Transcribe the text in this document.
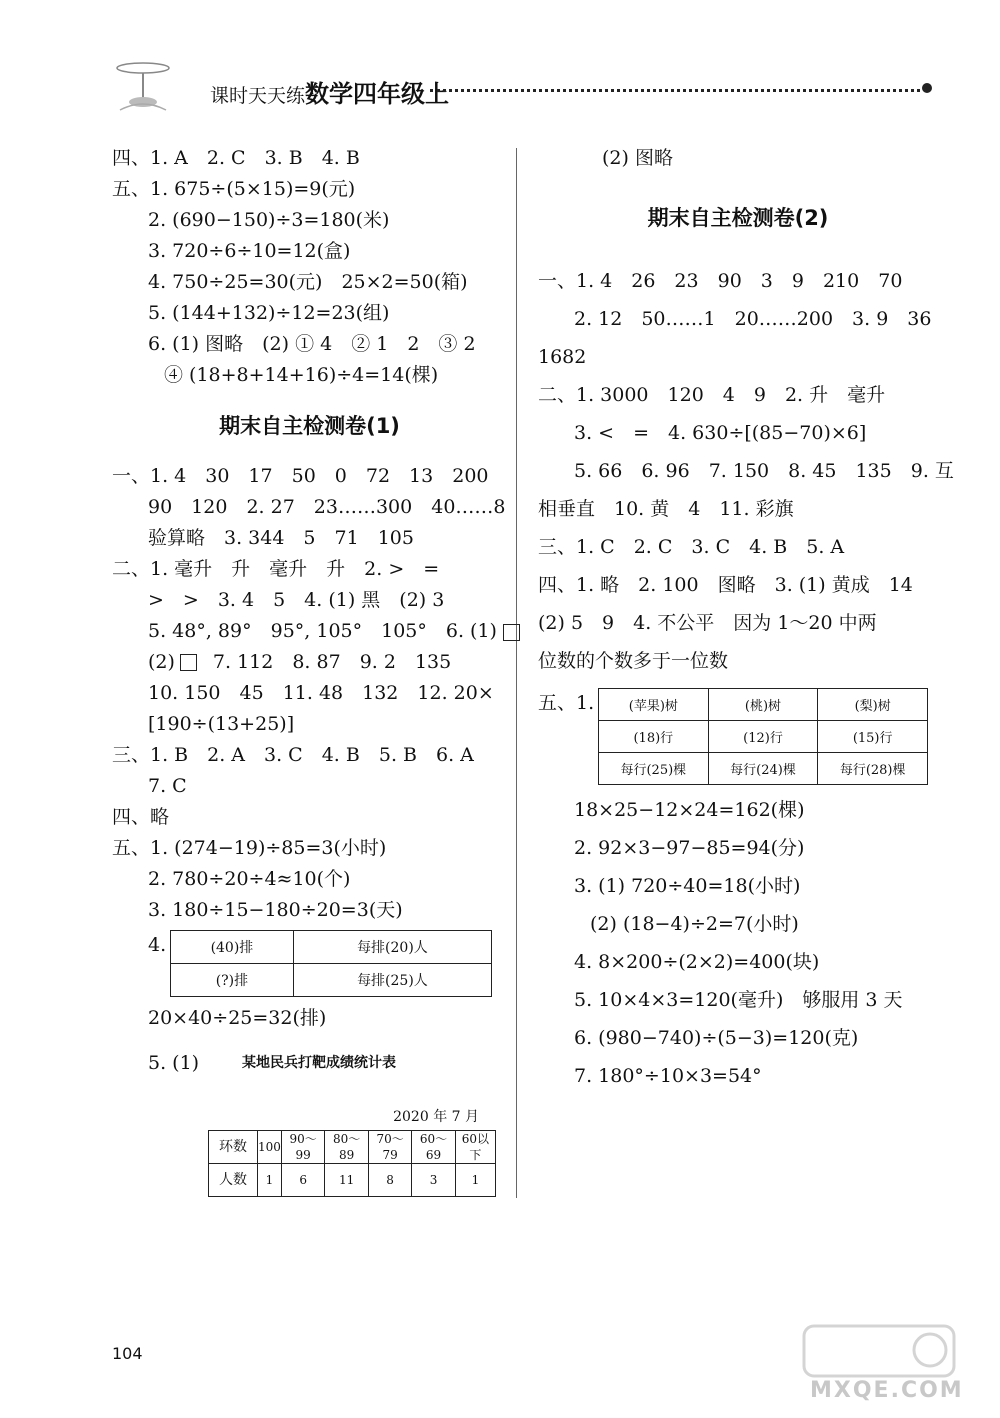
课时天天练数学四年级上
四、1. A　2. C　3. B　4. B
五、1. 675÷(5×15)=9(元)
2. (690−150)÷3=180(米)
3. 720÷6÷10=12(盒)
4. 750÷25=30(元)　25×2=50(箱)
5. (144+132)÷12=23(组)
6. (1) 图略　(2) ① 4　② 1　2　③ 2
④ (18+8+14+16)÷4=14(棵)
期末自主检测卷(1)
一、1. 4　30　17　50　0　72　13　200
90　120　2. 27　23……300　40……8
验算略　3. 344　5　71　105
二、1. 毫升　升　毫升　升　2. >　=
>　>　3. 4　5　4. (1) 黑　(2) 3
5. 48°, 89°　95°, 105°　105°　6. (1)
(2)　　7. 112　8. 87　9. 2　135
10. 150　45　11. 48　132　12. 20×
[190÷(13+25)]
三、1. B　2. A　3. C　4. B　5. B　6. A
7. C
四、略
五、1. (274−19)÷85=3(小时)
2. 780÷20÷4≈10(个)
3. 180÷15−180÷20=3(天)
4.	(40)排	每排(20)人
(?)排	每排(25)人
20×40÷25=32(排)
5. (1)	某地民兵打靶成绩统计表
2020 年 7 月
环数	100	90～99	80～89	70～79	60～69	60以下
人数	1	6	11	8	3	1
(2) 图略
期末自主检测卷(2)
一、1. 4　26　23　90　3　9　210　70
2. 12　50……1　20……200　3. 9　36
1682
二、1. 3000　120　4　9　2. 升　毫升
3. <　=　4. 630÷[(85−70)×6]
5. 66　6. 96　7. 150　8. 45　135　9. 互
相垂直　10. 黄　4　11. 彩旗
三、1. C　2. C　3. C　4. B　5. A
四、1. 略　2. 100　图略　3. (1) 黄成　14
(2) 5　9　4. 不公平　因为 1～20 中两
位数的个数多于一位数
五、1.	(苹果)树	(桃)树	(梨)树
(18)行	(12)行	(15)行
每行(25)棵	每行(24)棵	每行(28)棵
18×25−12×24=162(棵)
2. 92×3−97−85=94(分)
3. (1) 720÷40=18(小时)
(2) (18−4)÷2=7(小时)
4. 8×200÷(2×2)=400(块)
5. 10×4×3=120(毫升)　够服用 3 天
6. (980−740)÷(5−3)=120(克)
7. 180°÷10×3=54°
104
MXQE.COM
